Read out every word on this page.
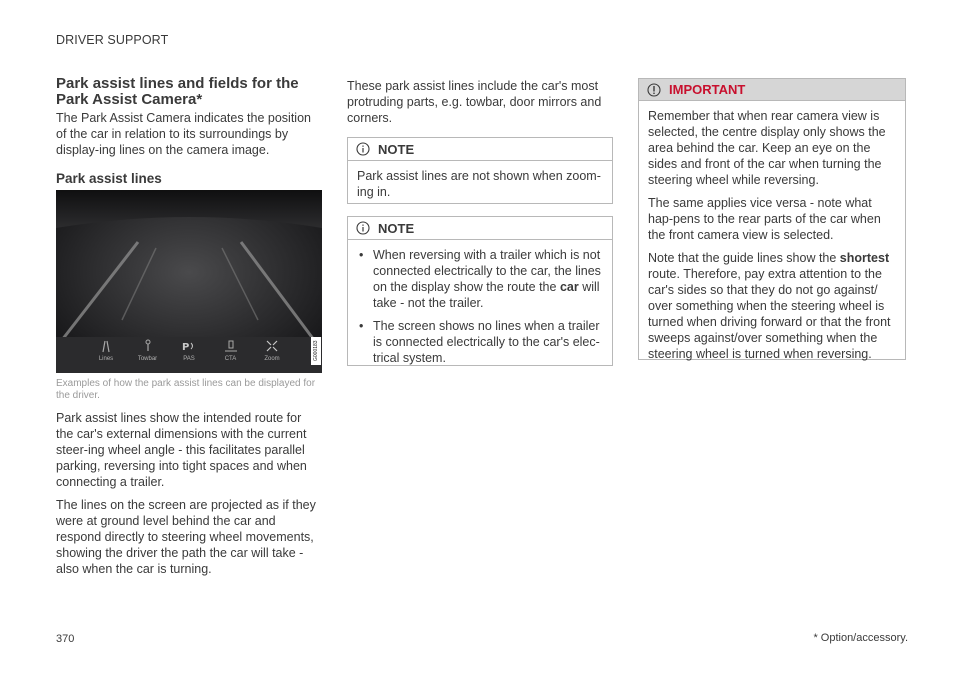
DRIVER SUPPORT
Park assist lines and fields for the Park Assist Camera*

The Park Assist Camera indicates the position of the car in relation to its surroundings by display-ing lines on the camera image.

Park assist lines
Lines	Towbar
P
PAS	CTA	Zoom	G000183

Examples of how the park assist lines can be displayed for the driver.

Park assist lines show the intended route for the car's external dimensions with the current steer-ing wheel angle - this facilitates parallel parking, reversing into tight spaces and when connecting a trailer.

The lines on the screen are projected as if they were at ground level behind the car and respond directly to steering wheel movements, showing the driver the path the car will take - also when the car is turning.

These park assist lines include the car's most protruding parts, e.g. towbar, door mirrors and corners.

NOTE
Park assist lines are not shown when zoom-ing in.
NOTE
• When reversing with a trailer which is not connected electrically to the car, the lines on the display show the route the car will take - not the trailer.
• The screen shows no lines when a trailer is connected electrically to the car's elec-trical system.
IMPORTANT

Remember that when rear camera view is selected, the centre display only shows the area behind the car. Keep an eye on the sides and front of the car when turning the steering wheel while reversing.

The same applies vice versa - note what hap-pens to the rear parts of the car when the front camera view is selected.

Note that the guide lines show the shortest route. Therefore, pay extra attention to the car's sides so that they do not go against/ over something when the steering wheel is turned when driving forward or that the front sweeps against/over something when the steering wheel is turned when reversing.

370	* Option/accessory.
